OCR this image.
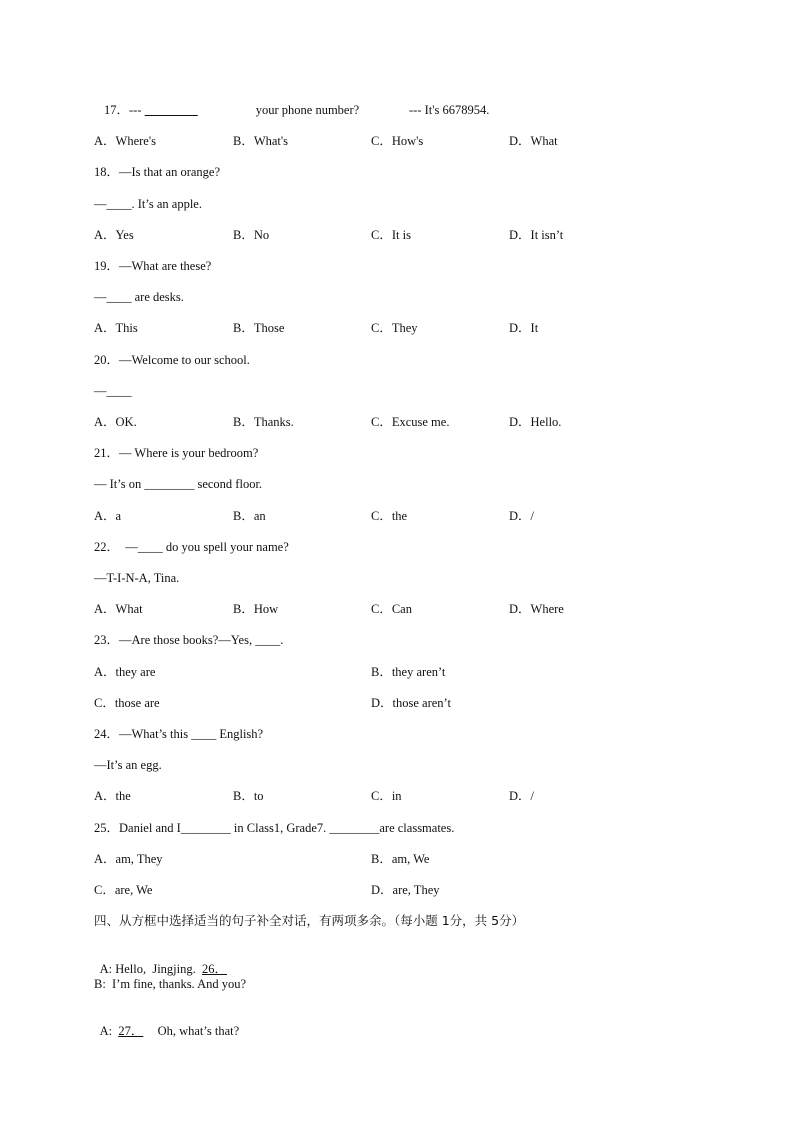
17．---	your phone number?	--- It's 6678954.
A．Where's	B．What's	C．How's	D．What
18．—Is that an orange?
—____. It’s an apple.
A．Yes	B．No	C．It is	D．It isn’t
19．—What are these?
—____ are desks.
A．This	B．Those	C．They	D．It
20．—Welcome to our school.
—____
A．OK.	B．Thanks.	C．Excuse me.	D．Hello.
21．— Where is your bedroom?
— It’s on ________ second floor.
A．a	B．an	C．the	D．/
22．  —____ do you spell your name?
—T-I-N-A, Tina.
A．What	B．How	C．Can	D．Where
23．—Are those books?—Yes, ____.
A．they are	B．they aren’t
C．those are	D．those aren’t
24．—What’s this ____ English?
—It’s an egg.
A．the	B．to	C．in	D．/
25．Daniel and I________ in Class1, Grade7. ________are classmates.
A．am, They	B．am, We
C．are, We	D．are, They
四、从方框中选择适当的句子补全对话，有两项多余。（每小题 1分，共 5分）

A: Hello,  Jingjing.  26．

B:  I’m fine, thanks. And you?

A:  27．  Oh, what’s that?
